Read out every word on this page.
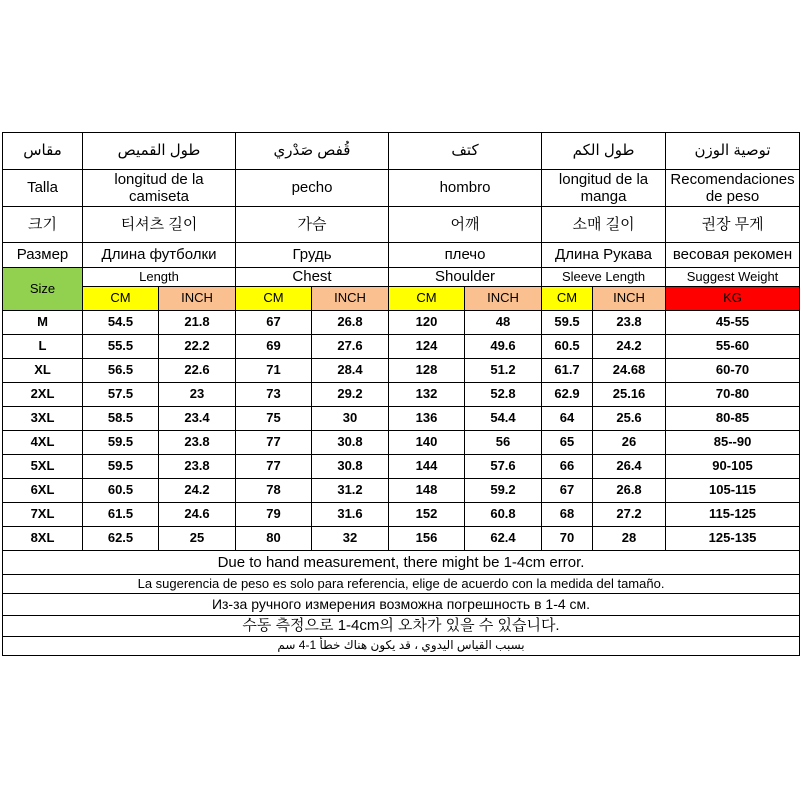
مقاس	طول القميص		قُفص صَدْري		كتف		طول الكم		توصية الوزن
Talla	longitud de la camiseta		pecho		hombro		longitud de la manga		Recomendaciones de peso
크기	티셔츠 길이		가슴		어깨		소매 길이		권장 무게
Размер	Длина футболки		Грудь		плечо		Длина Рукава		весовая рекомен
Size	Length		Chest		Shoulder		Sleeve Length		Suggest Weight
	CM	INCH	CM	INCH	CM	INCH	CM	INCH	KG
M	54.5	21.8	67	26.8	120	48	59.5	23.8	45-55
L	55.5	22.2	69	27.6	124	49.6	60.5	24.2	55-60
XL	56.5	22.6	71	28.4	128	51.2	61.7	24.68	60-70
2XL	57.5	23	73	29.2	132	52.8	62.9	25.16	70-80
3XL	58.5	23.4	75	30	136	54.4	64	25.6	80-85
4XL	59.5	23.8	77	30.8	140	56	65	26	85--90
5XL	59.5	23.8	77	30.8	144	57.6	66	26.4	90-105
6XL	60.5	24.2	78	31.2	148	59.2	67	26.8	105-115
7XL	61.5	24.6	79	31.6	152	60.8	68	27.2	115-125
8XL	62.5	25	80	32	156	62.4	70	28	125-135
Due to hand measurement, there might be 1-4cm error.									
La sugerencia de peso es solo para referencia, elige de acuerdo con la medida del tamaño.									
Из-за ручного измерения возможна погрешность в 1-4 см.									
수동 측정으로 1-4cm의 오차가 있을 수 있습니다.									
بسبب القياس اليدوي ، قد يكون هناك خطأ 1-4 سم									
